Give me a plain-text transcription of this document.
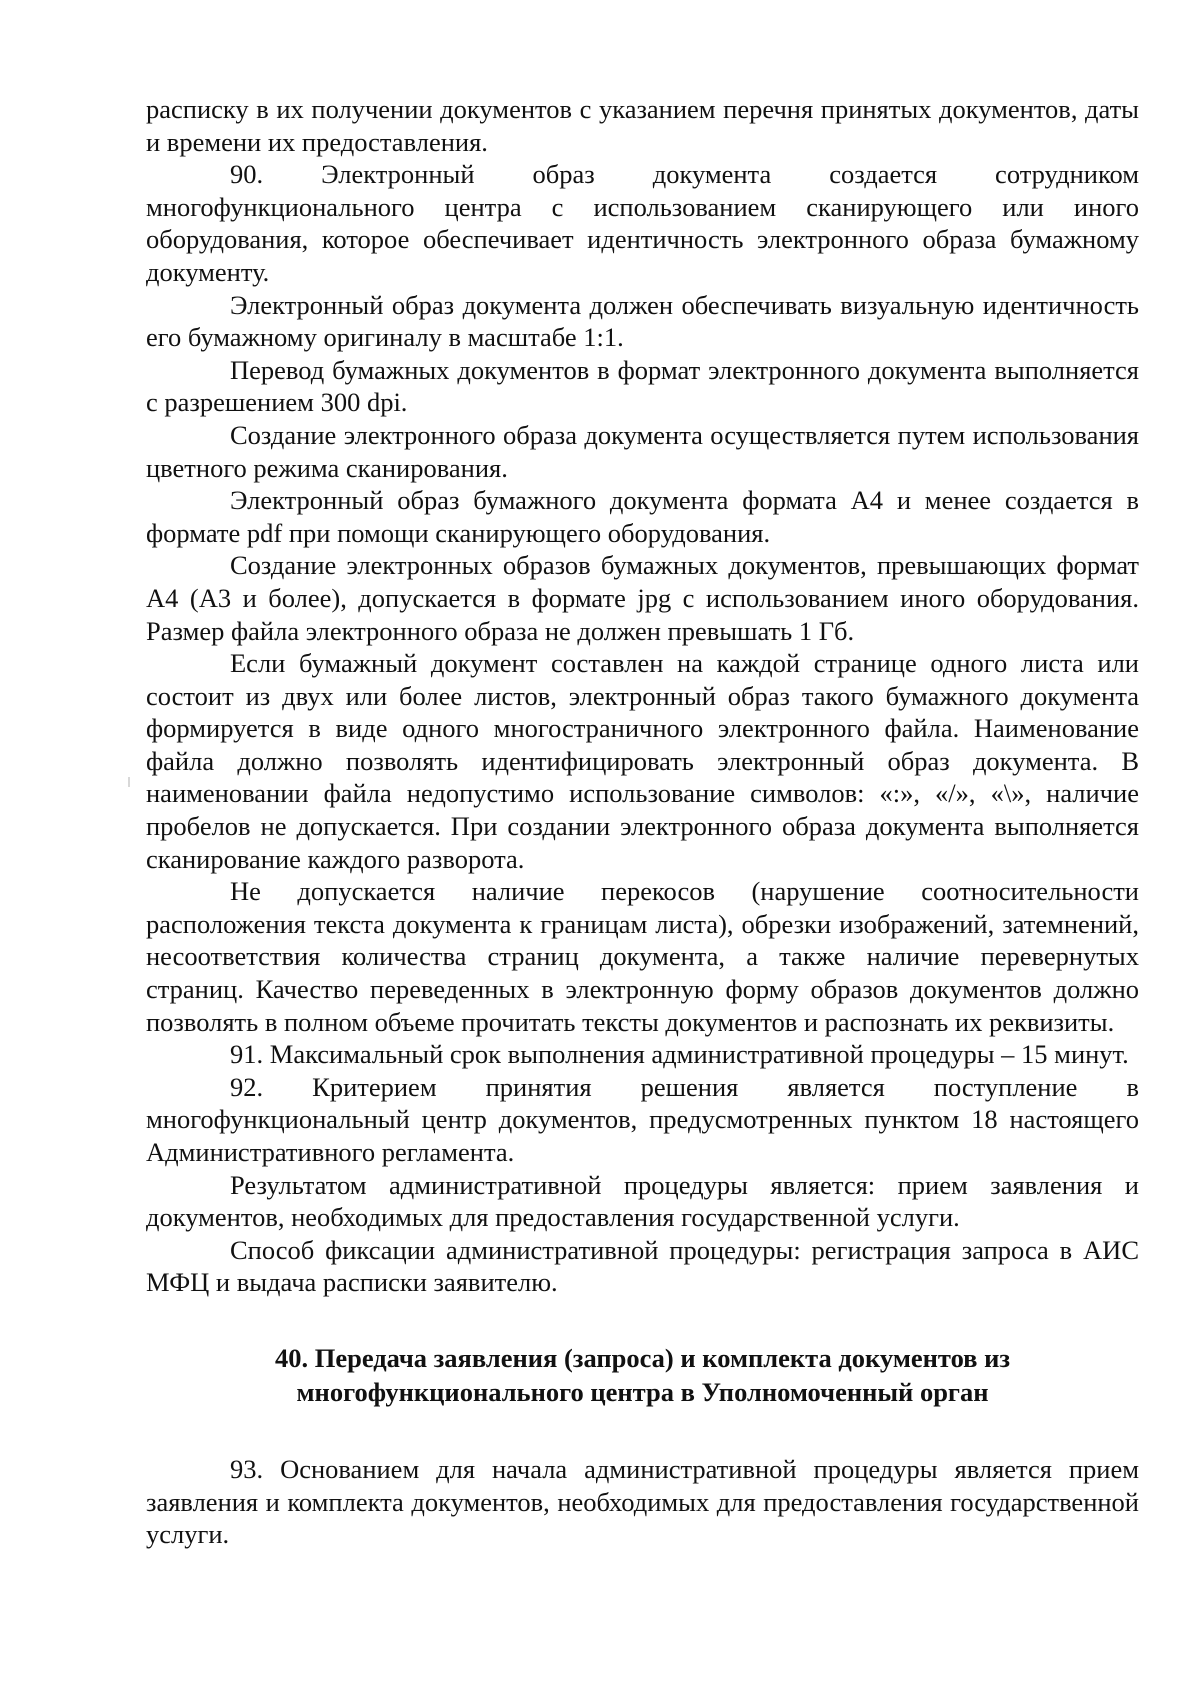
расписку в их получении документов с указанием перечня принятых документов, даты и времени их предоставления.

90. Электронный образ документа создается сотрудником многофункционального центра с использованием сканирующего или иного оборудования, которое обеспечивает идентичность электронного образа бумажному документу.

Электронный образ документа должен обеспечивать визуальную идентичность его бумажному оригиналу в масштабе 1:1.

Перевод бумажных документов в формат электронного документа выполняется с разрешением 300 dpi.

Создание электронного образа документа осуществляется путем использования цветного режима сканирования.

Электронный образ бумажного документа формата А4 и менее создается в формате pdf при помощи сканирующего оборудования.

Создание электронных образов бумажных документов, превышающих формат А4 (А3 и более), допускается в формате jpg с использованием иного оборудования. Размер файла электронного образа не должен превышать 1 Гб.

Если бумажный документ составлен на каждой странице одного листа или состоит из двух или более листов, электронный образ такого бумажного документа формируется в виде одного многостраничного электронного файла. Наименование файла должно позволять идентифицировать электронный образ документа. В наименовании файла недопустимо использование символов: «:», «/», «\», наличие пробелов не допускается. При создании электронного образа документа выполняется сканирование каждого разворота.

Не допускается наличие перекосов (нарушение соотносительности расположения текста документа к границам листа), обрезки изображений, затемнений, несоответствия количества страниц документа, а также наличие перевернутых страниц. Качество переведенных в электронную форму образов документов должно позволять в полном объеме прочитать тексты документов и распознать их реквизиты.

91. Максимальный срок выполнения административной процедуры – 15 минут.

92. Критерием принятия решения является поступление в многофункциональный центр документов, предусмотренных пунктом 18 настоящего Административного регламента.

Результатом административной процедуры является: прием заявления и документов, необходимых для предоставления государственной услуги.

Способ фиксации административной процедуры: регистрация запроса в АИС МФЦ и выдача расписки заявителю.

40. Передача заявления (запроса) и комплекта документов из
многофункционального центра в Уполномоченный орган

93. Основанием для начала административной процедуры является прием заявления и комплекта документов, необходимых для предоставления государственной услуги.
